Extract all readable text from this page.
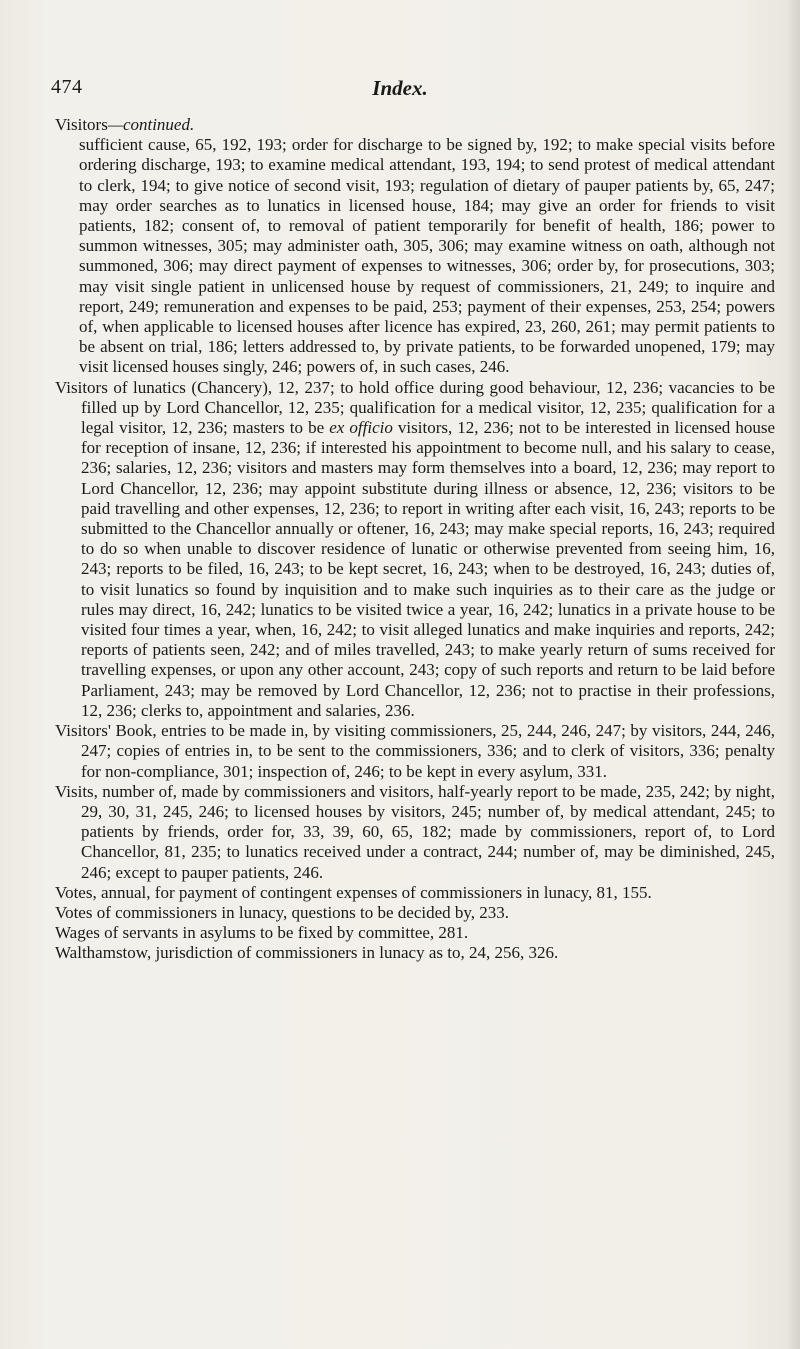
474	Index.

Visitors—continued.
sufficient cause, 65, 192, 193; order for discharge to be signed by, 192; to make special visits before ordering discharge, 193; to examine medical attendant, 193, 194; to send protest of medical attendant to clerk, 194; to give notice of second visit, 193; regulation of dietary of pauper patients by, 65, 247; may order searches as to lunatics in licensed house, 184; may give an order for friends to visit patients, 182; consent of, to removal of patient temporarily for benefit of health, 186; power to summon witnesses, 305; may administer oath, 305, 306; may examine witness on oath, although not summoned, 306; may direct payment of expenses to witnesses, 306; order by, for prosecutions, 303; may visit single patient in unlicensed house by request of commissioners, 21, 249; to inquire and report, 249; remuneration and expenses to be paid, 253; payment of their expenses, 253, 254; powers of, when applicable to licensed houses after licence has expired, 23, 260, 261; may permit patients to be absent on trial, 186; letters addressed to, by private patients, to be forwarded unopened, 179; may visit licensed houses singly, 246; powers of, in such cases, 246.

Visitors of lunatics (Chancery), 12, 237; to hold office during good behaviour, 12, 236; vacancies to be filled up by Lord Chancellor, 12, 235; qualification for a medical visitor, 12, 235; qualification for a legal visitor, 12, 236; masters to be ex officio visitors, 12, 236; not to be interested in licensed house for reception of insane, 12, 236; if interested his appointment to become null, and his salary to cease, 236; salaries, 12, 236; visitors and masters may form themselves into a board, 12, 236; may report to Lord Chancellor, 12, 236; may appoint substitute during illness or absence, 12, 236; visitors to be paid travelling and other expenses, 12, 236; to report in writing after each visit, 16, 243; reports to be submitted to the Chancellor annually or oftener, 16, 243; may make special reports, 16, 243; required to do so when unable to discover residence of lunatic or otherwise prevented from seeing him, 16, 243; reports to be filed, 16, 243; to be kept secret, 16, 243; when to be destroyed, 16, 243; duties of, to visit lunatics so found by inquisition and to make such inquiries as to their care as the judge or rules may direct, 16, 242; lunatics to be visited twice a year, 16, 242; lunatics in a private house to be visited four times a year, when, 16, 242; to visit alleged lunatics and make inquiries and reports, 242; reports of patients seen, 242; and of miles travelled, 243; to make yearly return of sums received for travelling expenses, or upon any other account, 243; copy of such reports and return to be laid before Parliament, 243; may be removed by Lord Chancellor, 12, 236; not to practise in their professions, 12, 236; clerks to, appointment and salaries, 236.

Visitors' Book, entries to be made in, by visiting commissioners, 25, 244, 246, 247; by visitors, 244, 246, 247; copies of entries in, to be sent to the commissioners, 336; and to clerk of visitors, 336; penalty for non-compliance, 301; inspection of, 246; to be kept in every asylum, 331.

Visits, number of, made by commissioners and visitors, half-yearly report to be made, 235, 242; by night, 29, 30, 31, 245, 246; to licensed houses by visitors, 245; number of, by medical attendant, 245; to patients by friends, order for, 33, 39, 60, 65, 182; made by commissioners, report of, to Lord Chancellor, 81, 235; to lunatics received under a contract, 244; number of, may be diminished, 245, 246; except to pauper patients, 246.

Votes, annual, for payment of contingent expenses of commissioners in lunacy, 81, 155.

Votes of commissioners in lunacy, questions to be decided by, 233.

Wages of servants in asylums to be fixed by committee, 281.

Walthamstow, jurisdiction of commissioners in lunacy as to, 24, 256, 326.
